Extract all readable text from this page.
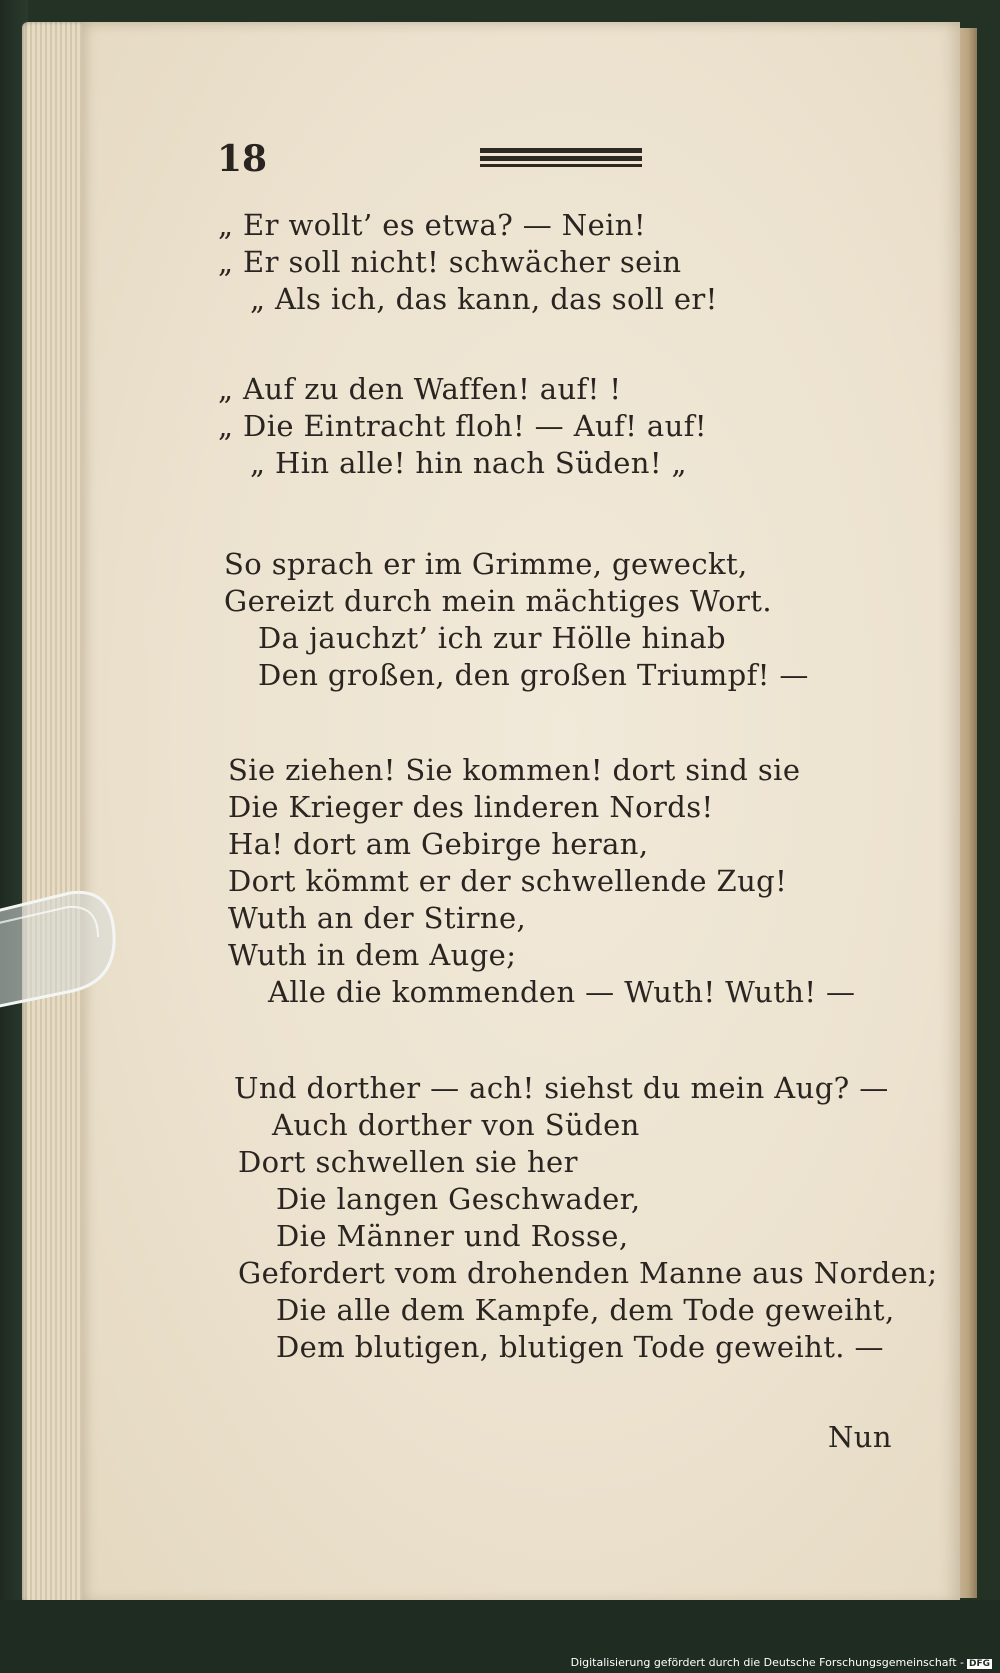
18
„ Er wollt’ es etwa? — Nein!
„ Er soll nicht! schwächer sein
„ Als ich, das kann, das soll er!
„ Auf zu den Waffen! auf! !
„ Die Eintracht floh! — Auf! auf!
„ Hin alle! hin nach Süden! „
So sprach er im Grimme, geweckt,
Gereizt durch mein mächtiges Wort.
Da jauchzt’ ich zur Hölle hinab
Den großen, den großen Triumpf! —
Sie ziehen! Sie kommen! dort sind sie
Die Krieger des linderen Nords!
Ha! dort am Gebirge heran,
Dort kömmt er der schwellende Zug!
Wuth an der Stirne,
Wuth in dem Auge;
Alle die kommenden — Wuth! Wuth! —
Und dorther — ach! siehst du mein Aug? —
Auch dorther von Süden
Dort schwellen sie her
Die langen Geschwader,
Die Männer und Rosse,
Gefordert vom drohenden Manne aus Norden;
Die alle dem Kampfe, dem Tode geweiht,
Dem blutigen, blutigen Tode geweiht. —
Nun
Digitalisierung gefördert durch die Deutsche Forschungsgemeinschaft - DFG
